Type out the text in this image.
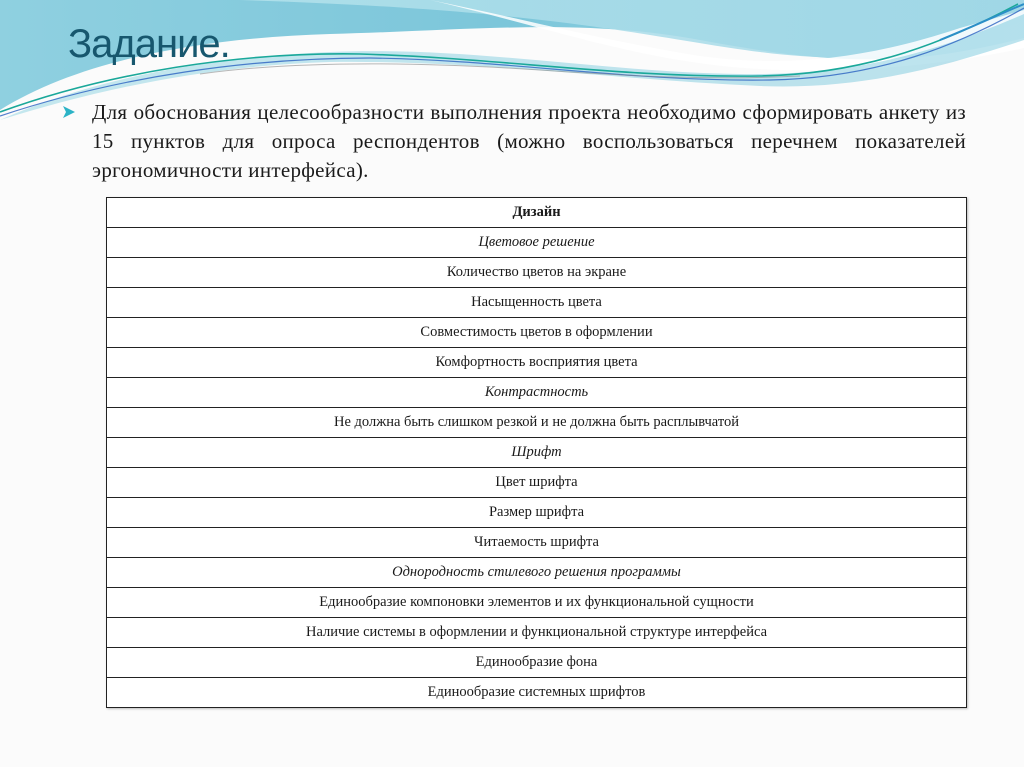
Задание.
Для обоснования целесообразности выполнения проекта необходимо сформировать анкету из 15 пунктов для опроса респондентов (можно воспользоваться перечнем показателей эргономичности интерфейса).
Дизайн
Цветовое решение
Количество цветов на экране
Насыщенность цвета
Совместимость цветов в оформлении
Комфортность восприятия цвета
Контрастность
Не должна быть слишком резкой и не должна быть расплывчатой
Шрифт
Цвет шрифта
Размер шрифта
Читаемость шрифта
Однородность стилевого решения программы
Единообразие компоновки элементов и их функциональной сущности
Наличие системы в оформлении и функциональной структуре интерфейса
Единообразие фона
Единообразие системных шрифтов
